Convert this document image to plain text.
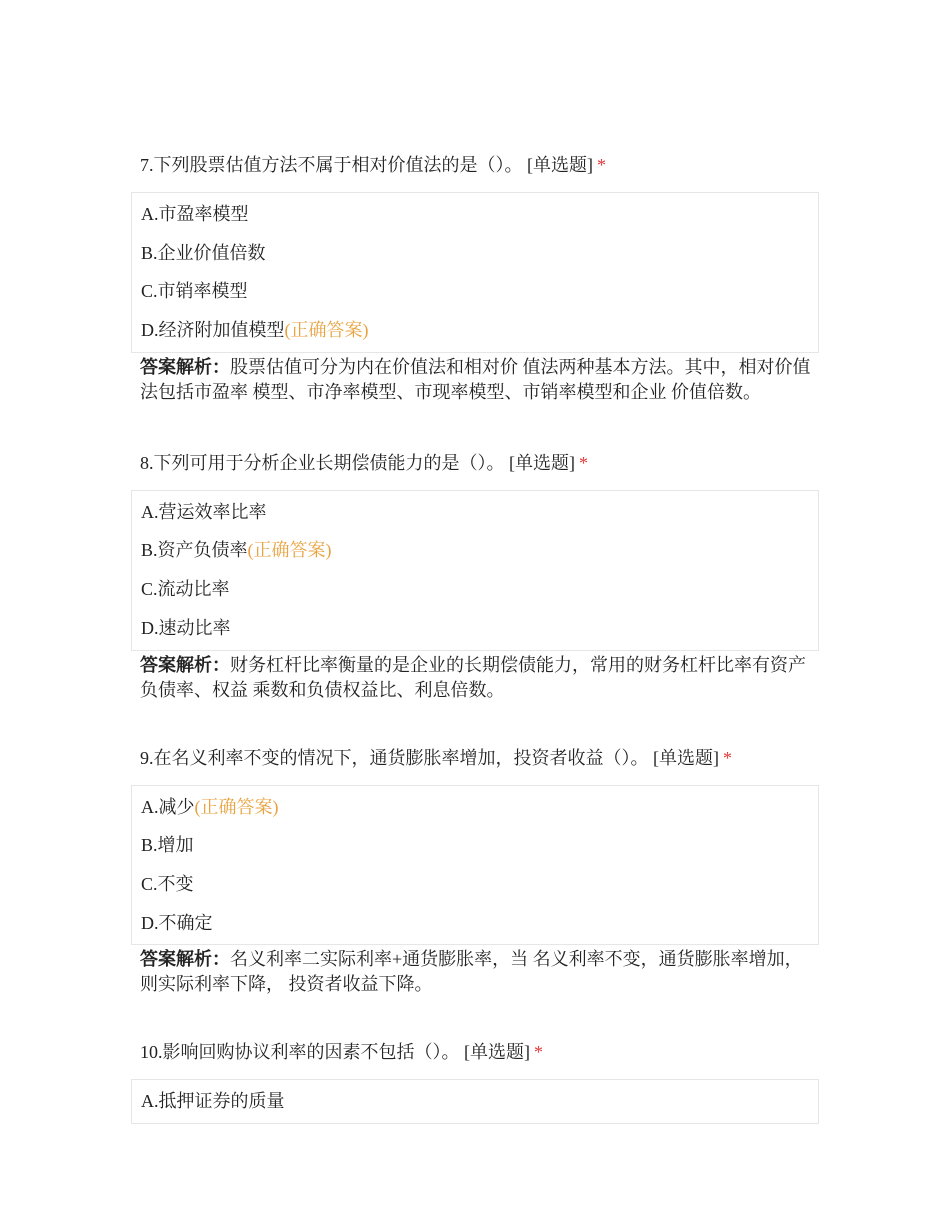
7.下列股票估值方法不属于相对价值法的是（）。 [单选题] *
A.市盈率模型
B.企业价值倍数
C.市销率模型
D.经济附加值模型(正确答案)
答案解析：股票估值可分为内在价值法和相对价 值法两种基本方法。其中，相对价值法包括市盈率 模型、市净率模型、市现率模型、市销率模型和企业 价值倍数。
8.下列可用于分析企业长期偿债能力的是（）。 [单选题] *
A.营运效率比率
B.资产负债率(正确答案)
C.流动比率
D.速动比率
答案解析：财务杠杆比率衡量的是企业的长期偿债能力，常用的财务杠杆比率有资产负债率、权益 乘数和负债权益比、利息倍数。
9.在名义利率不变的情况下，通货膨胀率增加，投资者收益（）。 [单选题] *
A.减少(正确答案)
B.增加
C.不变
D.不确定
答案解析：名义利率二实际利率+通货膨胀率，当 名义利率不变，通货膨胀率增加，则实际利率下降， 投资者收益下降。
10.影响回购协议利率的因素不包括（）。 [单选题] *
A.抵押证券的质量
